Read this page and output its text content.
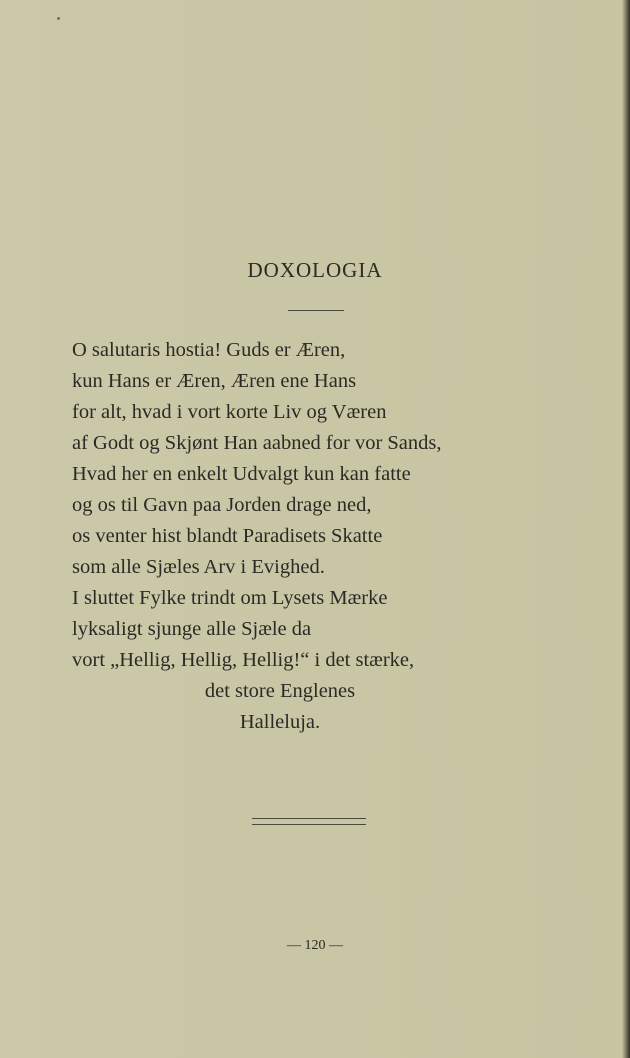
DOXOLOGIA
O salutaris hostia! Guds er Æren,
kun Hans er Æren, Æren ene Hans
for alt, hvad i vort korte Liv og Væren
af Godt og Skjønt Han aabned for vor Sands,
Hvad her en enkelt Udvalgt kun kan fatte
og os til Gavn paa Jorden drage ned,
os venter hist blandt Paradisets Skatte
som alle Sjæles Arv i Evighed.
I sluttet Fylke trindt om Lysets Mærke
lyksaligt sjunge alle Sjæle da
vort „Hellig, Hellig, Hellig!“ i det stærke,
det store Englenes
Halleluja.
— 120 —
